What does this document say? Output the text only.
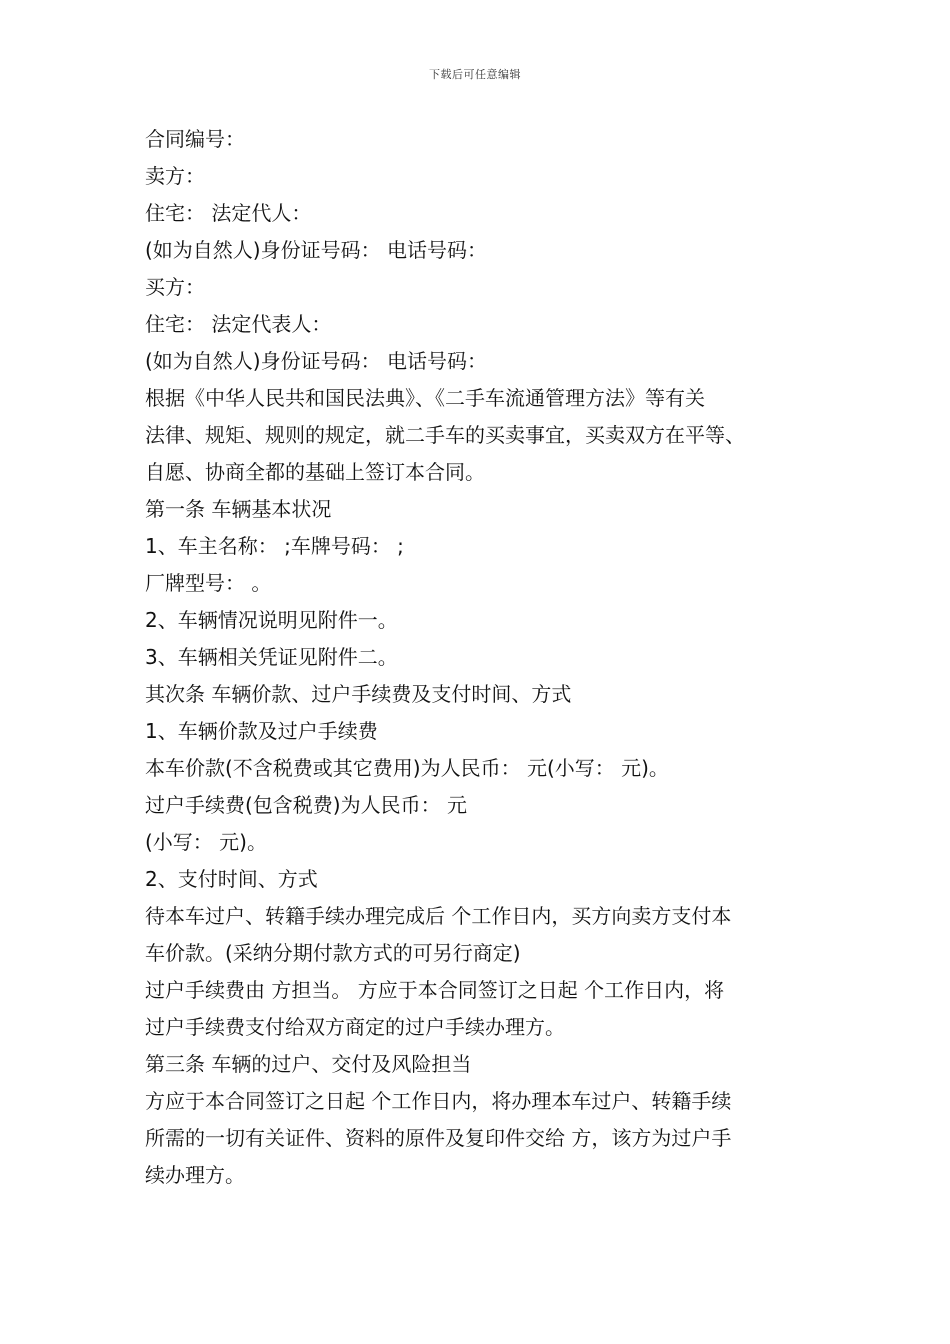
下载后可任意编辑
合同编号：
卖方：
住宅： 法定代人：
(如为自然人)身份证号码： 电话号码：
买方：
住宅： 法定代表人：
(如为自然人)身份证号码： 电话号码：
根据《中华人民共和国民法典》、《二手车流通管理方法》等有关
法律、规矩、规则的规定，就二手车的买卖事宜，买卖双方在平等、
自愿、协商全都的基础上签订本合同。
第一条 车辆基本状况
1、车主名称： ;车牌号码： ;
厂牌型号： 。
2、车辆情况说明见附件一。
3、车辆相关凭证见附件二。
其次条 车辆价款、过户手续费及支付时间、方式
1、车辆价款及过户手续费
本车价款(不含税费或其它费用)为人民币： 元(小写： 元)。
过户手续费(包含税费)为人民币： 元
(小写： 元)。
2、支付时间、方式
待本车过户、转籍手续办理完成后 个工作日内，买方向卖方支付本
车价款。(采纳分期付款方式的可另行商定)
过户手续费由 方担当。 方应于本合同签订之日起 个工作日内，将
过户手续费支付给双方商定的过户手续办理方。
第三条 车辆的过户、交付及风险担当
方应于本合同签订之日起 个工作日内，将办理本车过户、转籍手续
所需的一切有关证件、资料的原件及复印件交给 方，该方为过户手
续办理方。
